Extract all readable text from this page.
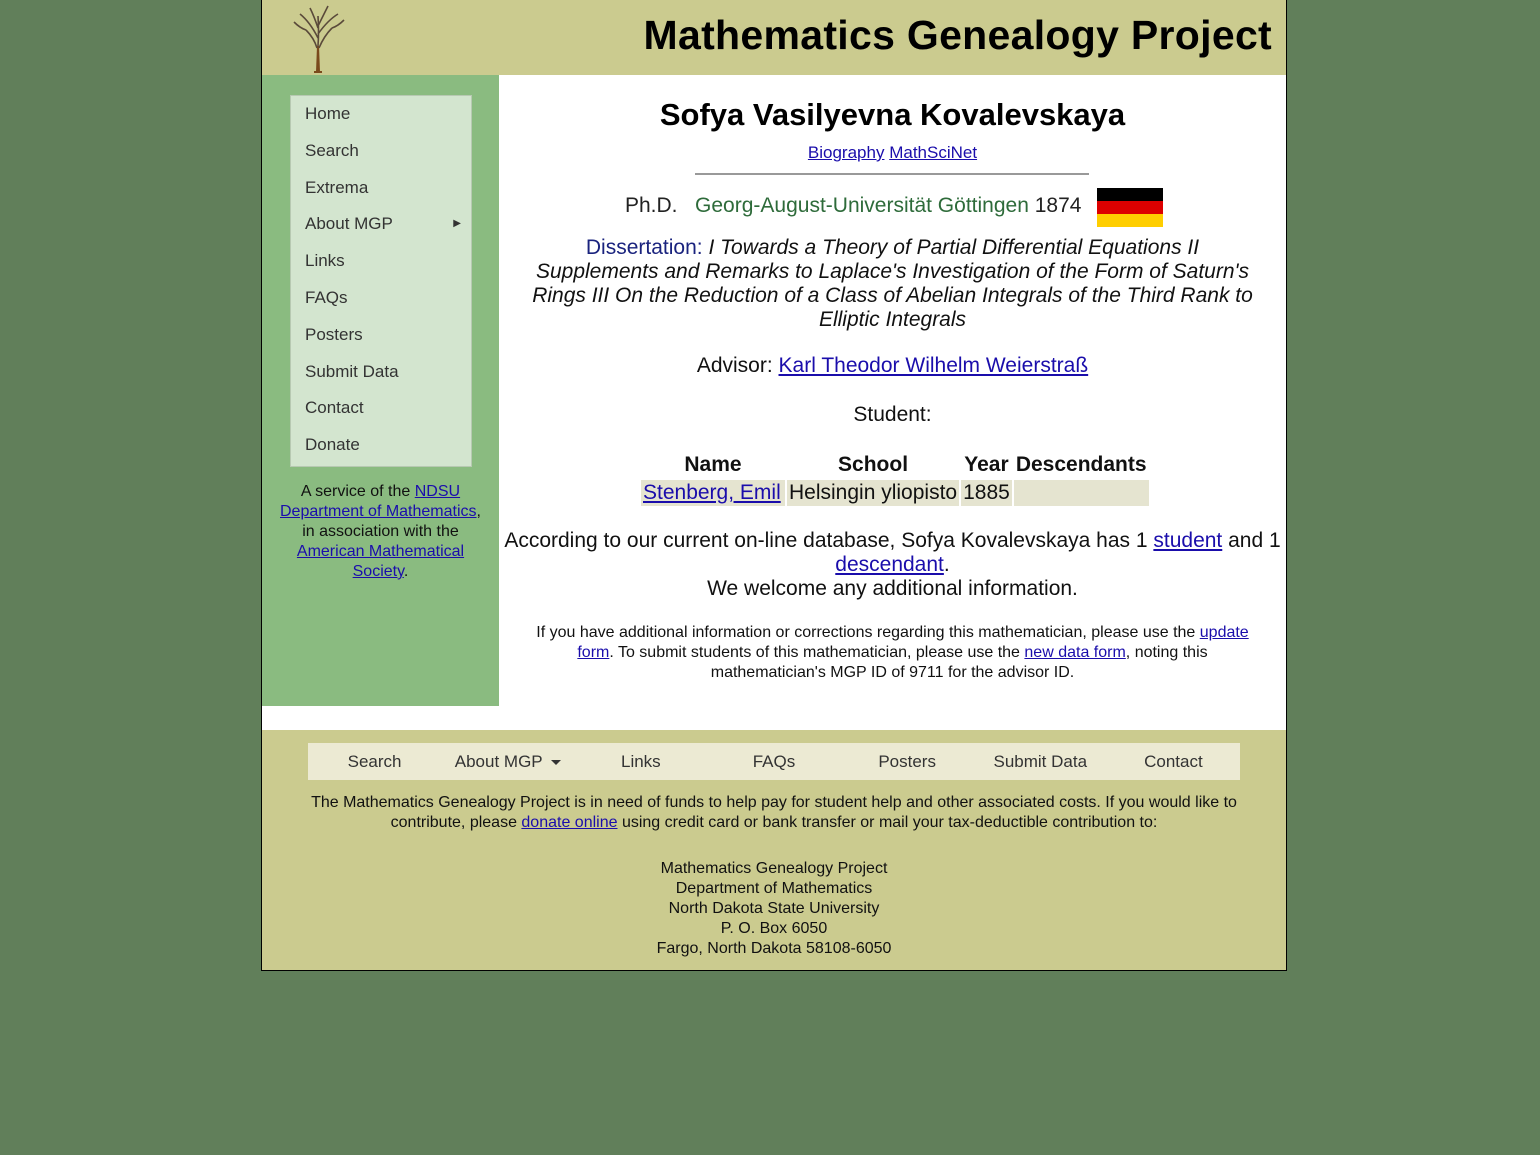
Mathematics Genealogy Project
Home
Search
Extrema
About MGP	▶
Links
FAQs
Posters
Submit Data
Contact
Donate
A service of the NDSU Department of Mathematics, in association with the American Mathematical Society.
Sofya Vasilyevna Kovalevskaya
Biography MathSciNet
Ph.D. Georg-August-Universität Göttingen 1874
Dissertation: I Towards a Theory of Partial Differential Equations II Supplements and Remarks to Laplace's Investigation of the Form of Saturn's Rings III On the Reduction of a Class of Abelian Integrals of the Third Rank to Elliptic Integrals
Advisor: Karl Theodor Wilhelm Weierstraß
Student:
Name	School	Year	Descendants
Stenberg, Emil	Helsingin yliopisto	1885	
According to our current on-line database, Sofya Kovalevskaya has 1 student and 1 descendant.
We welcome any additional information.
If you have additional information or corrections regarding this mathematician, please use the update form. To submit students of this mathematician, please use the new data form, noting this mathematician's MGP ID of 9711 for the advisor ID.
Search	About MGP	Links	FAQs	Posters	Submit Data	Contact
The Mathematics Genealogy Project is in need of funds to help pay for student help and other associated costs. If you would like to contribute, please donate online using credit card or bank transfer or mail your tax-deductible contribution to:
Mathematics Genealogy Project
Department of Mathematics
North Dakota State University
P. O. Box 6050
Fargo, North Dakota 58108-6050
